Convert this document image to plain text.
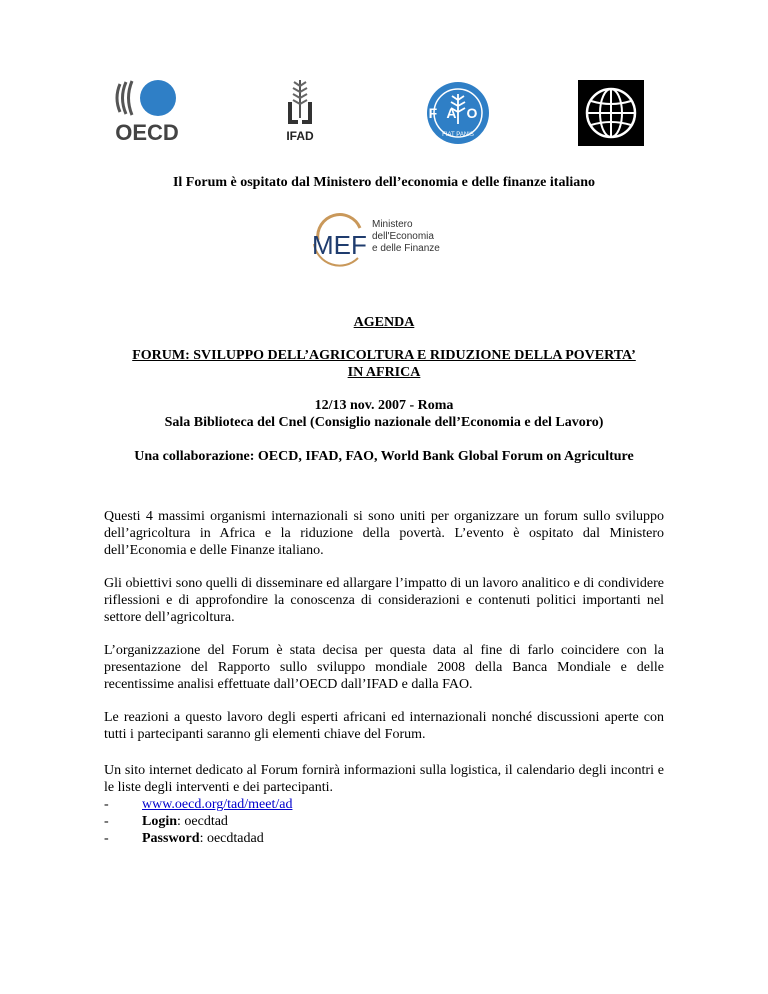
OECD	IFAD
FAO
FIAT PANIS
Il Forum è ospitato dal Ministero dell’economia e delle finanze italiano
MEF
Ministero
dell'Economia
e delle Finanze
AGENDA
FORUM: SVILUPPO DELL’AGRICOLTURA E RIDUZIONE DELLA POVERTA’
IN AFRICA
12/13 nov. 2007 - Roma
Sala Biblioteca del Cnel (Consiglio nazionale dell’Economia e del Lavoro)
Una collaborazione: OECD, IFAD, FAO, World Bank Global Forum on Agriculture

Questi 4 massimi organismi internazionali si sono uniti per organizzare un forum sullo sviluppo dell’agricoltura in Africa e la riduzione della povertà. L’evento è ospitato dal Ministero dell’Economia e delle Finanze italiano.

Gli obiettivi sono quelli di disseminare ed allargare l’impatto di un lavoro analitico e di condividere riflessioni e di approfondire la conoscenza di considerazioni e contenuti politici importanti nel settore dell’agricoltura.

L’organizzazione del Forum è stata decisa per questa data al fine di farlo coincidere con la presentazione del Rapporto sullo sviluppo mondiale 2008 della Banca Mondiale e delle recentissime analisi effettuate dall’OECD dall’IFAD e dalla FAO.

Le reazioni a questo lavoro degli esperti africani ed internazionali nonché discussioni aperte con tutti i partecipanti saranno gli elementi chiave del Forum.

Un sito internet dedicato al Forum fornirà informazioni sulla logistica, il calendario degli incontri e le liste degli interventi e dei partecipanti.

- www.oecd.org/tad/meet/ad
- Login: oecdtad
- Password: oecdtadad
